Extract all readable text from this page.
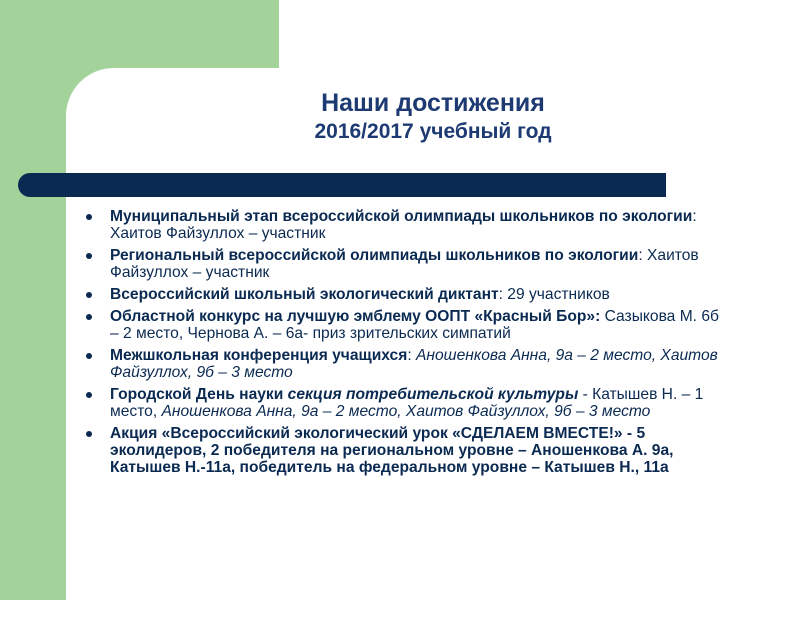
Наши достижения
2016/2017 учебный год
Муниципальный этап всероссийской олимпиады школьников по экологии: Хаитов Файзуллох – участник
Региональный всероссийской олимпиады школьников по экологии: Хаитов Файзуллох – участник
Всероссийский школьный экологический диктант: 29 участников
Областной конкурс на лучшую эмблему ООПТ «Красный Бор»: Сазыкова М. 6б – 2 место, Чернова А. – 6а- приз зрительских симпатий
Межшкольная конференция учащихся: Аношенкова Анна, 9а – 2 место, Хаитов Файзуллох, 9б – 3 место
Городской День науки секция потребительской культуры - Катышев Н. – 1 место, Аношенкова Анна, 9а – 2 место, Хаитов Файзуллох, 9б – 3 место
Акция «Всероссийский экологический урок «СДЕЛАЕМ ВМЕСТЕ!» - 5 эколидеров, 2 победителя на региональном уровне – Аношенкова А. 9а, Катышев Н.-11а, победитель на федеральном уровне – Катышев Н., 11а
